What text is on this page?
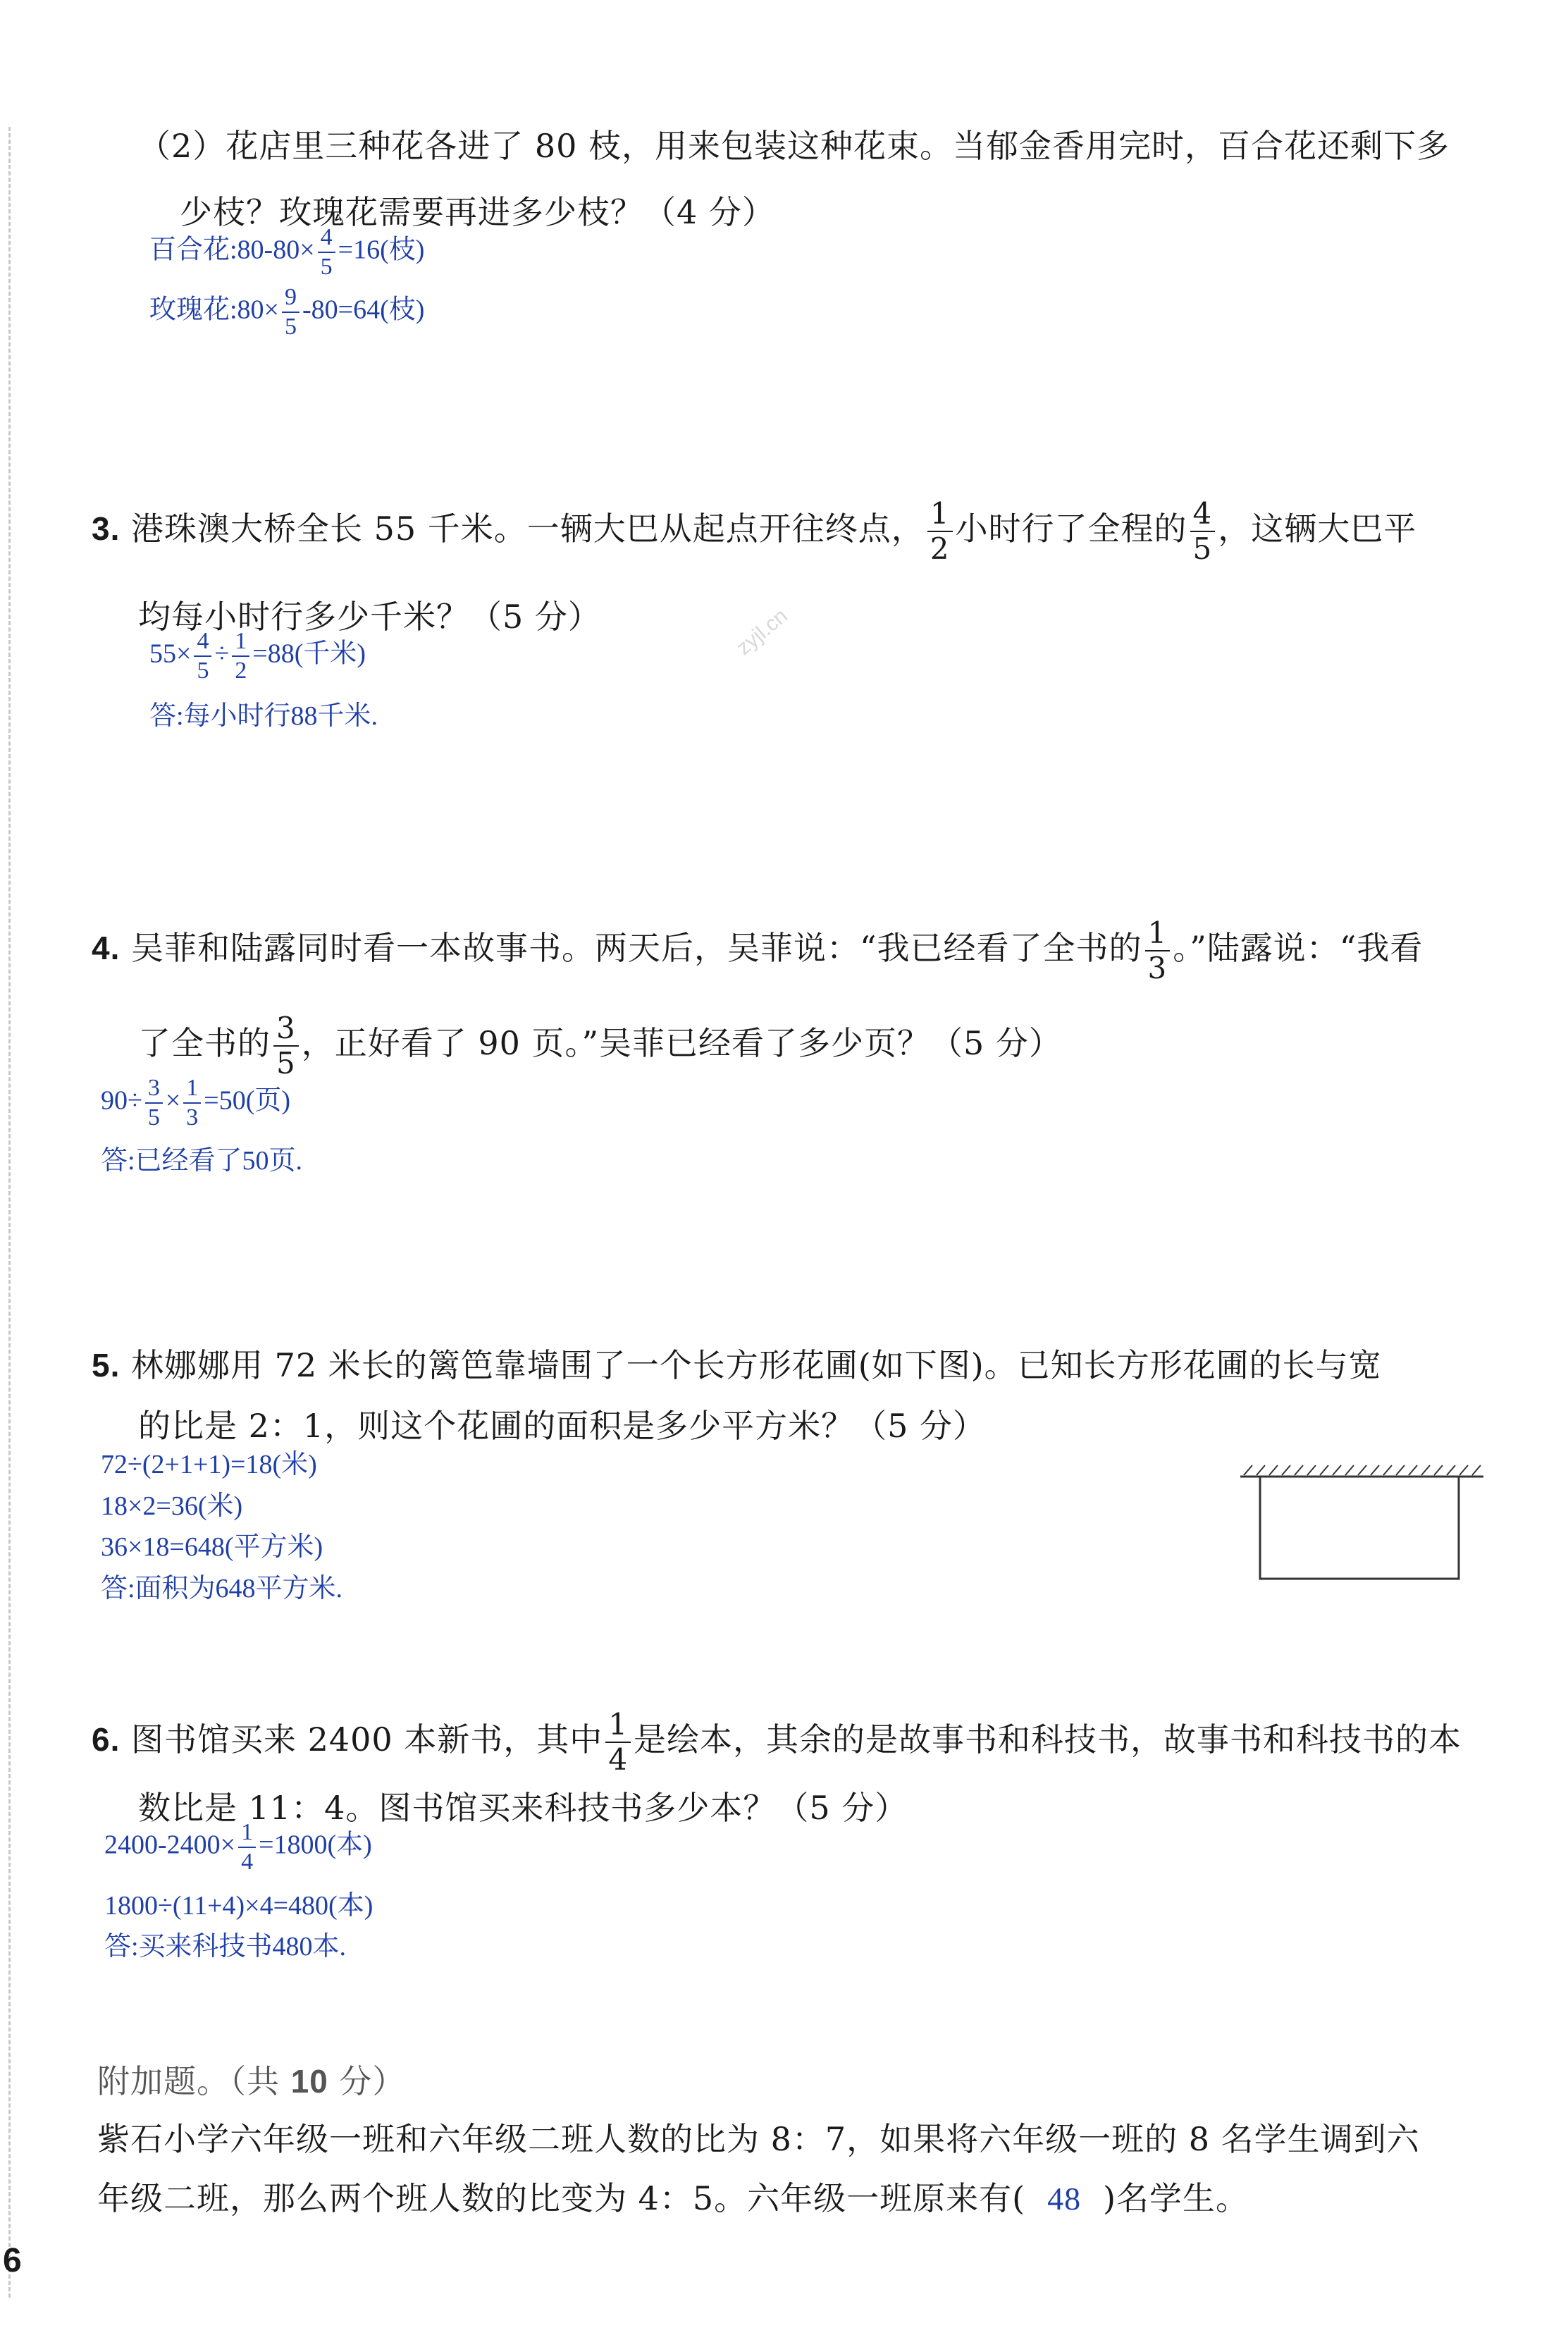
（2）花店里三种花各进了 80 枝，用来包装这种花束。当郁金香用完时，百合花还剩下多
少枝？玫瑰花需要再进多少枝？（4 分）
百合花:80-80× $\frac{4}{5} =16$(枝)
玫瑰花:80× $\frac{9}{5} -80=64$(枝)
3. 港珠澳大桥全长 55 千米。一辆大巴从起点开往终点， $\frac{1}{2}$ 小时行了全程的 $\frac{4}{5}$ ，这辆大巴平
均每小时行多少千米？（5 分）
$55\times \frac{4}{5} \div \frac{1}{2} =88$(千米)
答:每小时行88千米.
4. 吴菲和陆露同时看一本故事书。两天后，吴菲说：“我已经看了全书的 $\frac{1}{3}$ 。”陆露说：“我看
了全书的 $\frac{3}{5}$ ，正好看了 90 页。”吴菲已经看了多少页？（5 分）
$90\div \frac{3}{5} \times \frac{1}{3} =50$(页)
答:已经看了50页.
5. 林娜娜用 72 米长的篱笆靠墙围了一个长方形花圃(如下图)。已知长方形花圃的长与宽
的比是 2：1，则这个花圃的面积是多少平方米？（5 分）
72÷(2+1+1)=18(米)
18×2=36(米)
36×18=648(平方米)
答:面积为648平方米.
6. 图书馆买来 2400 本新书，其中 $\frac{1}{4}$ 是绘本，其余的是故事书和科技书，故事书和科技书的本
数比是 11：4。图书馆买来科技书多少本？（5 分）
$2400-2400\times \frac{1}{4} =1800$(本)
1800÷(11+4)×4=480(本)
答:买来科技书480本.
附加题。（共 10 分）
紫石小学六年级一班和六年级二班人数的比为 8：7，如果将六年级一班的 8 名学生调到六
年级二班，那么两个班人数的比变为 4：5。六年级一班原来有( 48 )名学生。
6
zyjl.cn
